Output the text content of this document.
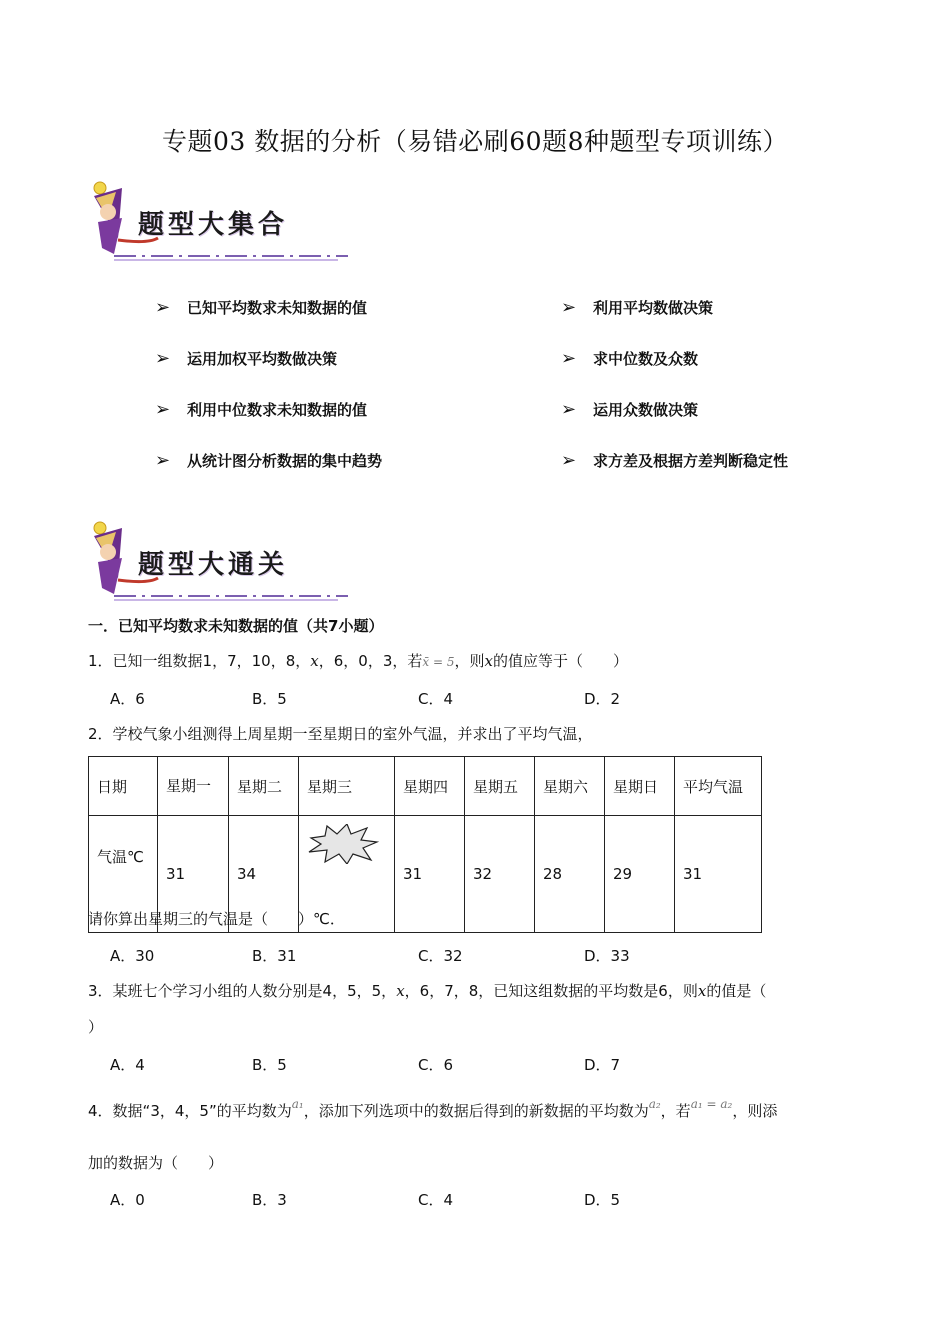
专题03 数据的分析（易错必刷60题8种题型专项训练）
题型大集合
➢ 已知平均数求未知数据的值
➢ 运用加权平均数做决策
➢ 利用中位数求未知数据的值
➢ 从统计图分析数据的集中趋势
➢ 利用平均数做决策
➢ 求中位数及众数
➢ 运用众数做决策
➢ 求方差及根据方差判断稳定性
题型大通关
一．已知平均数求未知数据的值（共7小题）
1．已知一组数据1，7，10，8，x，6，0，3，若x̄ = 5，则x的值应等于（　　）
A．6	B．5	C．4	D．2
2．学校气象小组测得上周星期一至星期日的室外气温，并求出了平均气温，
日期	星期一	星期二	星期三	星期四	星期五	星期六	星期日	平均气温
气温℃	31	34		31	32	28	29	31
请你算出星期三的气温是（　　）℃．
A．30	B．31	C．32	D．33
3．某班七个学习小组的人数分别是4，5，5，x，6，7，8，已知这组数据的平均数是6，则x的值是（
）
A．4	B．5	C．6	D．7
4．数据“3，4，5”的平均数为$^{a_1}$，添加下列选项中的数据后得到的新数据的平均数为$^{a_2}$，若$^{a_1 = a_2}$，则添
加的数据为（　　）
A．0	B．3	C．4	D．5
